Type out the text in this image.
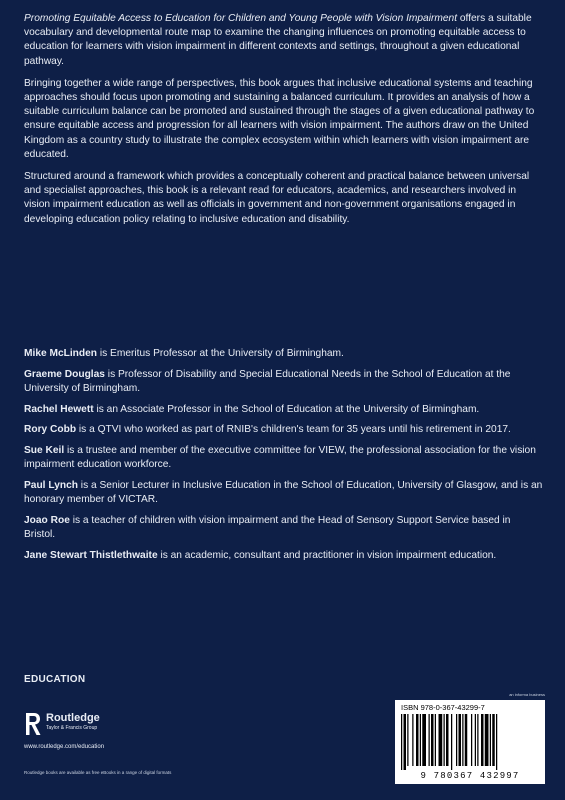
Promoting Equitable Access to Education for Children and Young People with Vision Impairment offers a suitable vocabulary and developmental route map to examine the changing influences on promoting equitable access to education for learners with vision impairment in different contexts and settings, throughout a given educational pathway.

Bringing together a wide range of perspectives, this book argues that inclusive educational systems and teaching approaches should focus upon promoting and sustaining a balanced curriculum. It provides an analysis of how a suitable curriculum balance can be promoted and sustained through the stages of a given educational pathway to ensure equitable access and progression for all learners with vision impairment. The authors draw on the United Kingdom as a country study to illustrate the complex ecosystem within which learners with vision impairment are educated.

Structured around a framework which provides a conceptually coherent and practical balance between universal and specialist approaches, this book is a relevant read for educators, academics, and researchers involved in vision impairment education as well as officials in government and non-government organisations engaged in developing education policy relating to inclusive education and disability.

Mike McLinden is Emeritus Professor at the University of Birmingham.

Graeme Douglas is Professor of Disability and Special Educational Needs in the School of Education at the University of Birmingham.

Rachel Hewett is an Associate Professor in the School of Education at the University of Birmingham.

Rory Cobb is a QTVI who worked as part of RNIB's children's team for 35 years until his retirement in 2017.

Sue Keil is a trustee and member of the executive committee for VIEW, the professional association for the vision impairment education workforce.

Paul Lynch is a Senior Lecturer in Inclusive Education in the School of Education, University of Glasgow, and is an honorary member of VICTAR.

Joao Roe is a teacher of children with vision impairment and the Head of Sensory Support Service based in Bristol.

Jane Stewart Thistlethwaite is an academic, consultant and practitioner in vision impairment education.

EDUCATION
Routledge
Taylor & Francis Group
www.routledge.com/education
Routledge books are available as free eBooks in a range of digital formats
an informa business
ISBN 978-0-367-43299-7
9 780367 432997
